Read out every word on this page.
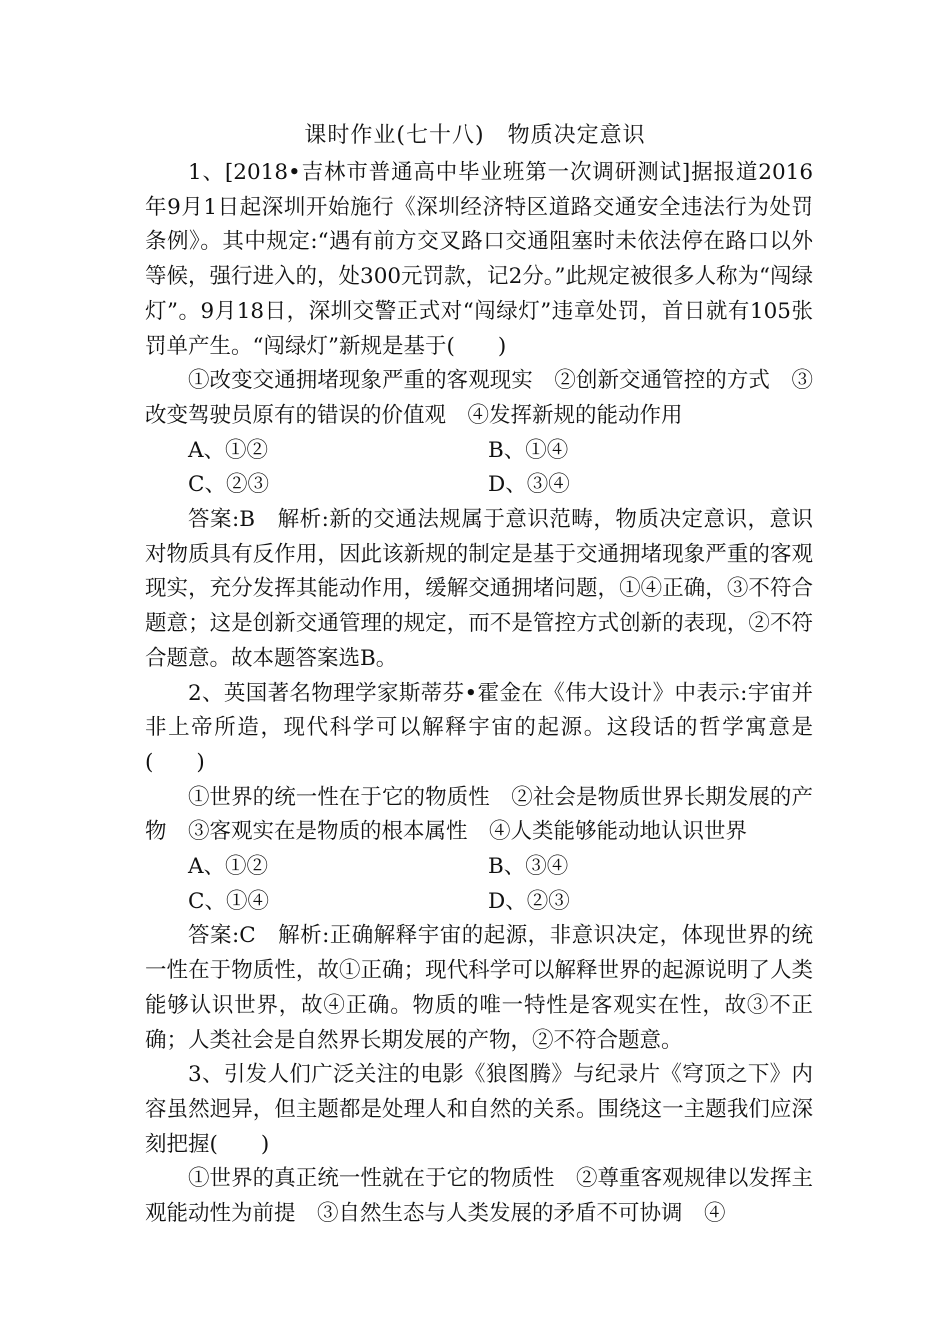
课时作业(七十八)　物质决定意识

1、[2018•吉林市普通高中毕业班第一次调研测试]据报道2016年9月1日起深圳开始施行《深圳经济特区道路交通安全违法行为处罚条例》。其中规定:“遇有前方交叉路口交通阻塞时未依法停在路口以外等候，强行进入的，处300元罚款，记2分。”此规定被很多人称为“闯绿灯”。9月18日，深圳交警正式对“闯绿灯”违章处罚，首日就有105张罚单产生。“闯绿灯”新规是基于(　　)

①改变交通拥堵现象严重的客观现实　②创新交通管控的方式　③改变驾驶员原有的错误的价值观　④发挥新规的能动作用

A、①②	B、①④
C、②③	D、③④

答案:B　解析:新的交通法规属于意识范畴，物质决定意识，意识对物质具有反作用，因此该新规的制定是基于交通拥堵现象严重的客观现实，充分发挥其能动作用，缓解交通拥堵问题，①④正确，③不符合题意；这是创新交通管理的规定，而不是管控方式创新的表现，②不符合题意。故本题答案选B。

2、英国著名物理学家斯蒂芬•霍金在《伟大设计》中表示:宇宙并非上帝所造，现代科学可以解释宇宙的起源。这段话的哲学寓意是(　　)

①世界的统一性在于它的物质性　②社会是物质世界长期发展的产物　③客观实在是物质的根本属性　④人类能够能动地认识世界

A、①②	B、③④
C、①④	D、②③

答案:C　解析:正确解释宇宙的起源，非意识决定，体现世界的统一性在于物质性，故①正确；现代科学可以解释世界的起源说明了人类能够认识世界，故④正确。物质的唯一特性是客观实在性，故③不正确；人类社会是自然界长期发展的产物，②不符合题意。

3、引发人们广泛关注的电影《狼图腾》与纪录片《穹顶之下》内容虽然迥异，但主题都是处理人和自然的关系。围绕这一主题我们应深刻把握(　　)

①世界的真正统一性就在于它的物质性　②尊重客观规律以发挥主观能动性为前提　③自然生态与人类发展的矛盾不可协调　④
